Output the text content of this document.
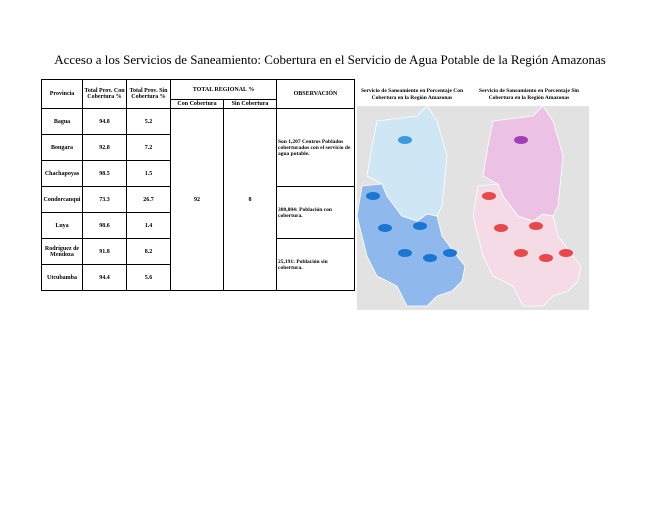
Acceso a los Servicios de Saneamiento: Cobertura en el Servicio de Agua Potable de la Región Amazonas
Provincia	Total Prov. Con Cobertura %	Total Prov. Sin Cobertura %	TOTAL REGIONAL %		OBSERVACIÓN
			Con Cobertura	Sin Cobertura	
Bagua	94.8	5.2	92	8	Son 1,207 Centros Poblados coberturados con el servicio de agua potable.
Bongara	92.8	7.2			
Chachapoyas	98.5	1.5			
Condorcanqui	73.3	26.7			380,804: Población con cobertura.
Luya	98.6	1.4			
Rodríguez de Mendoza	91.8	8.2			25,191: Población sin cobertura.
Utcubamba	94.4	5.6			
Servicio de Saneamiento en Porcentaje Con Cobertura en la Región Amazonas
Servicio de Saneamiento en Porcentaje Sin Cobertura en la Región Amazonas
